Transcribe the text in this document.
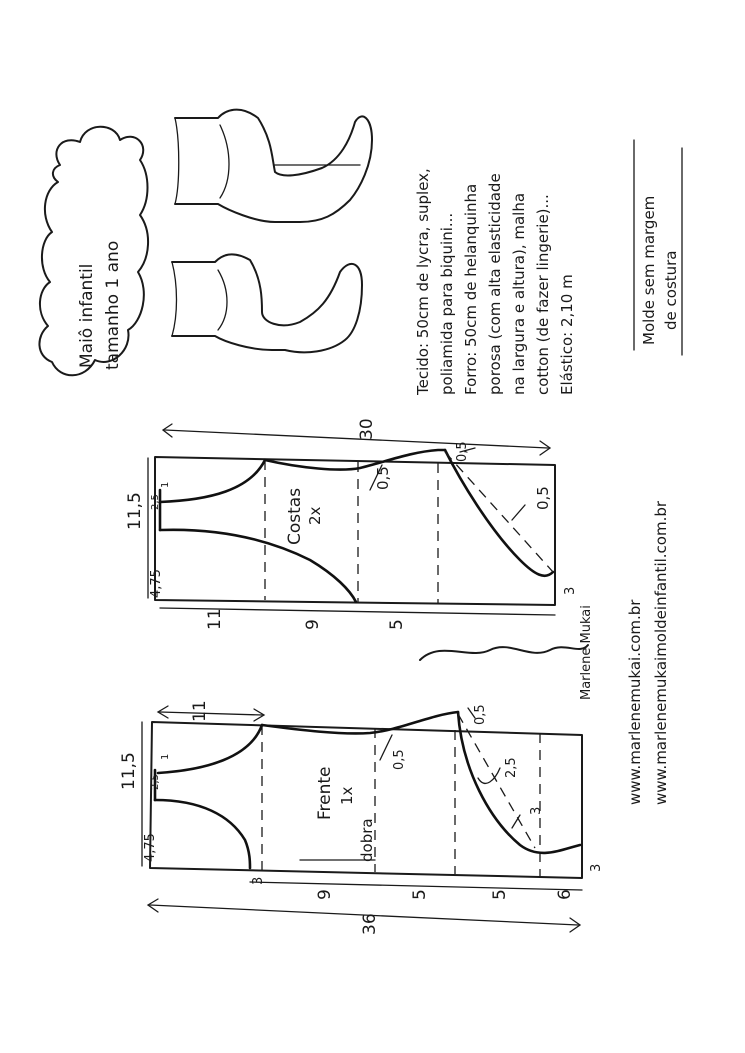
Maiô infantil tamanho 1 ano	Tecido: 50cm de lycra, suplex, poliamida para biquini... Forro: 50cm de helanquinha porosa (com alta elasticidade na largura e altura), malha cotton (de fazer lingerie)... Elástico: 2,10 m	Molde sem margem de costura
30
Costas 2x
0,5
0,5
0,5
11,5
4,75
2,5
1
11	9	5
3
Marlene Mukai
11
Frente 1x
dobra
0,5
0,5
2,5
3
11,5
4,75
2,5
1
3
9	5	5	6
3
36
www.marlenemukai.com.br www.marlenemukaimoldeinfantil.com.br
